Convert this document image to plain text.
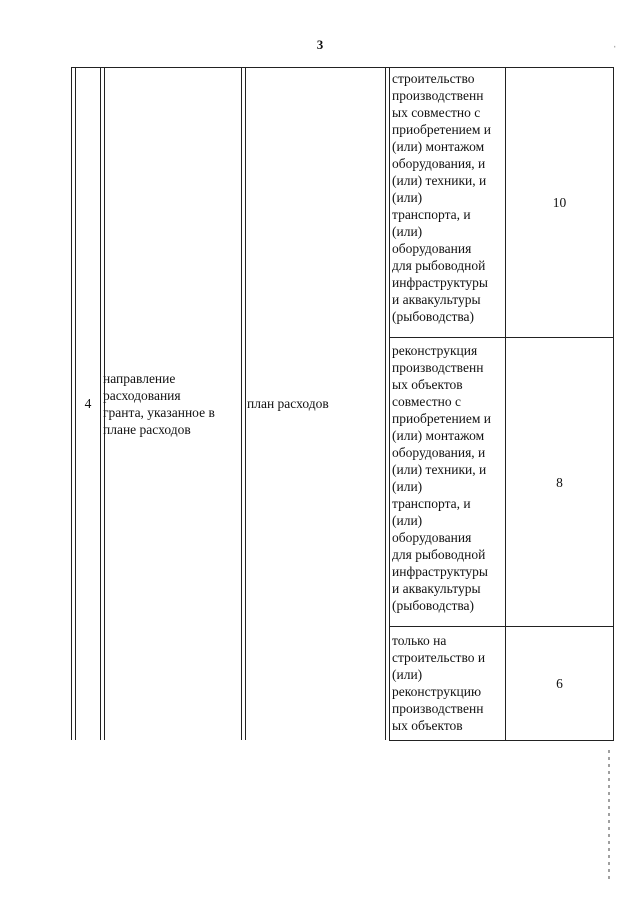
3	ˈ
4
направление
расходования
гранта, указанное в
плане расходов
план расходов
строительство
производственн
ых совместно с
приобретением и
(или) монтажом
оборудования, и
(или) техники, и
(или)
транспорта, и
(или)
оборудования
для рыбоводной
инфраструктуры
и аквакультуры
(рыбоводства)
10
реконструкция
производственн
ых объектов
совместно с
приобретением и
(или) монтажом
оборудования, и
(или) техники, и
(или)
транспорта, и
(или)
оборудования
для рыбоводной
инфраструктуры
и аквакультуры
(рыбоводства)
8
только на
строительство и
(или)
реконструкцию
производственн
ых объектов
6
